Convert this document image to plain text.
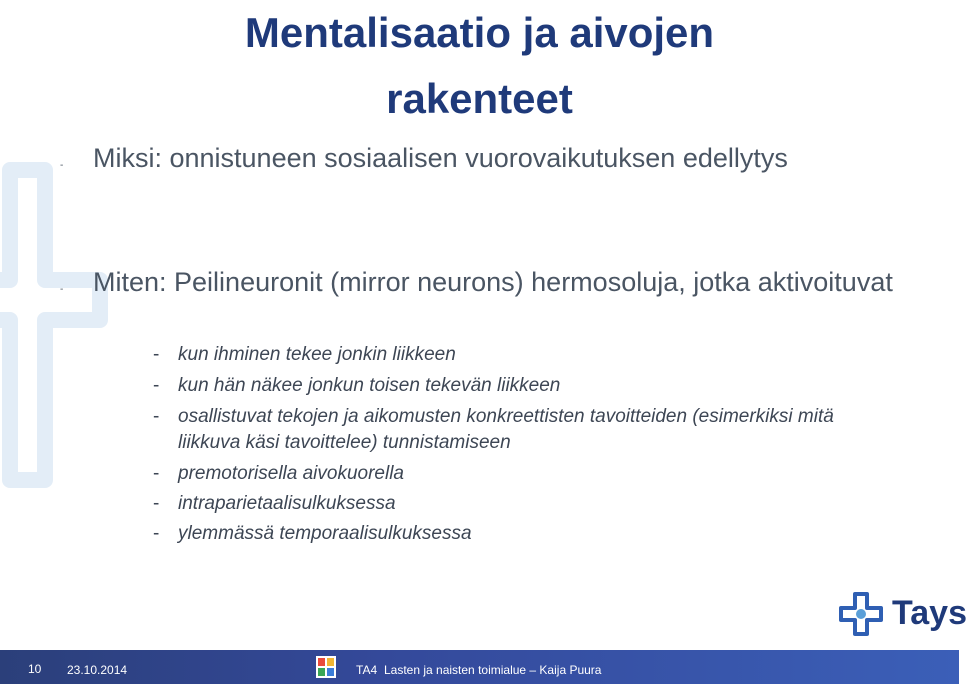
Mentalisaatio ja aivojen
rakenteet
- Miksi: onnistuneen sosiaalisen vuorovaikutuksen edellytys
- Miten: Peilineuronit (mirror neurons) hermosoluja, jotka aktivoituvat
- kun ihminen tekee jonkin liikkeen
- kun hän näkee jonkun toisen tekevän liikkeen
- osallistuvat tekojen ja aikomusten konkreettisten tavoitteiden (esimerkiksi mitä liikkuva käsi tavoittelee) tunnistamiseen
- premotorisella aivokuorella
- intraparietaalisulkuksessa
- ylemmässä temporaalisulkuksessa
Tays
10 23.10.2014	TA4 Lasten ja naisten toimialue – Kaija Puura
